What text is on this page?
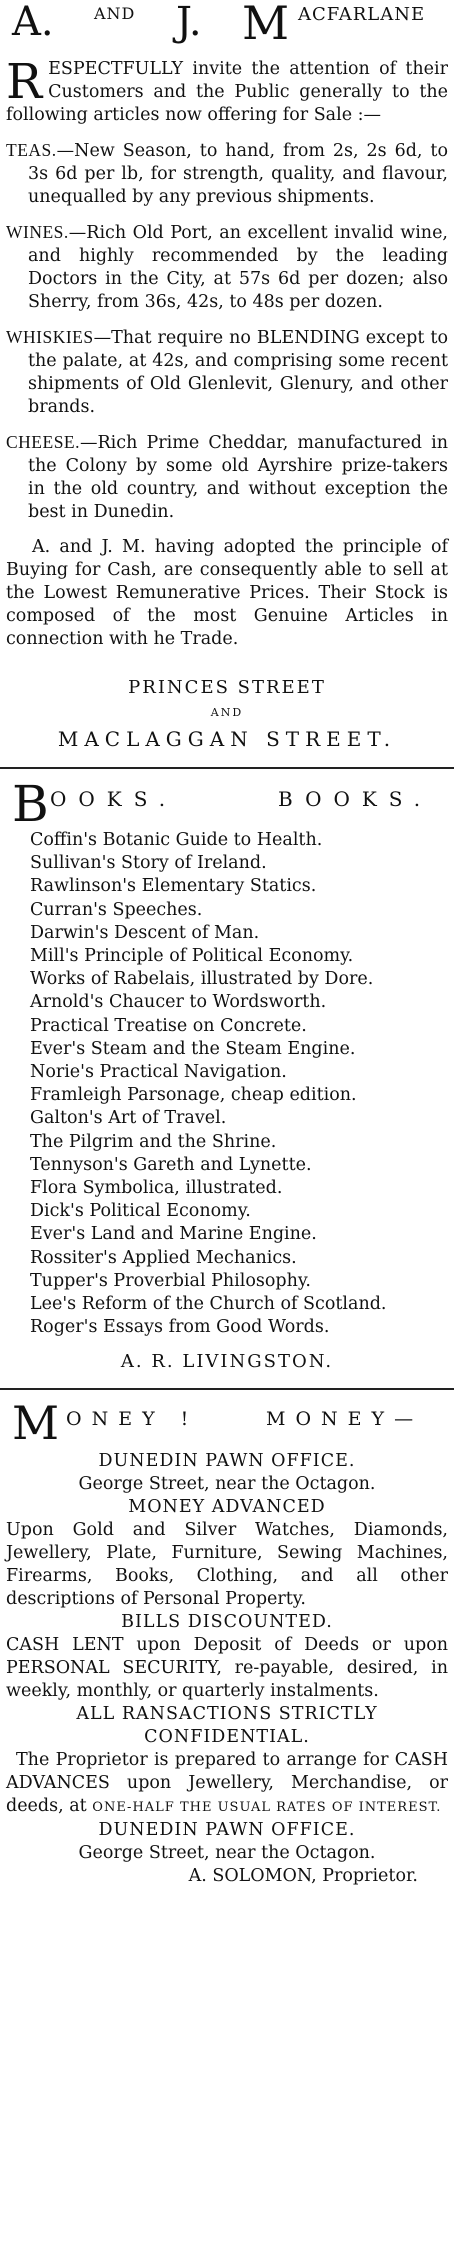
A.	AND J. M ACFARLANE

RESPECTFULLY invite the attention of their Customers and the Public generally to the following articles now offering for Sale :—

TEAS.—New Season, to hand, from 2s, 2s 6d, to 3s 6d per lb, for strength, quality, and flavour, unequalled by any previous shipments.

WINES.—Rich Old Port, an excellent invalid wine, and highly recommended by the leading Doctors in the City, at 57s 6d per dozen; also Sherry, from 36s, 42s, to 48s per dozen.

WHISKIES—That require no BLENDING except to the palate, at 42s, and comprising some recent shipments of Old Glenlevit, Glenury, and other brands.

CHEESE.—Rich Prime Cheddar, manufactured in the Colony by some old Ayrshire prize-takers in the old country, and without exception the best in Dunedin.

A. and J. M. having adopted the principle of Buying for Cash, are consequently able to sell at the Lowest Remunerative Prices. Their Stock is composed of the most Genuine Articles in connection with he Trade.

PRINCES STREET

AND

MACLAGGAN STREET.

B OOKS.	BOOKS.
Coffin's Botanic Guide to Health.
Sullivan's Story of Ireland.
Rawlinson's Elementary Statics.
Curran's Speeches.
Darwin's Descent of Man.
Mill's Principle of Political Economy.
Works of Rabelais, illustrated by Dore.
Arnold's Chaucer to Wordsworth.
Practical Treatise on Concrete.
Ever's Steam and the Steam Engine.
Norie's Practical Navigation.
Framleigh Parsonage, cheap edition.
Galton's Art of Travel.
The Pilgrim and the Shrine.
Tennyson's Gareth and Lynette.
Flora Symbolica, illustrated.
Dick's Political Economy.
Ever's Land and Marine Engine.
Rossiter's Applied Mechanics.
Tupper's Proverbial Philosophy.
Lee's Reform of the Church of Scotland.
Roger's Essays from Good Words.

A. R. LIVINGSTON.

M ONEY !	MONEY—

DUNEDIN PAWN OFFICE.

George Street, near the Octagon.

MONEY ADVANCED

Upon Gold and Silver Watches, Diamonds, Jewellery, Plate, Furniture, Sewing Machines, Firearms, Books, Clothing, and all other descriptions of Personal Property.

BILLS DISCOUNTED.

CASH LENT upon Deposit of Deeds or upon PERSONAL SECURITY, re-payable, desired, in weekly, monthly, or quarterly instalments.

ALL RANSACTIONS STRICTLY CONFIDENTIAL.

The Proprietor is prepared to arrange for CASH ADVANCES upon Jewellery, Merchandise, or deeds, at ONE-HALF THE USUAL RATES OF INTEREST.

DUNEDIN PAWN OFFICE.

George Street, near the Octagon.

A. SOLOMON, Proprietor.
